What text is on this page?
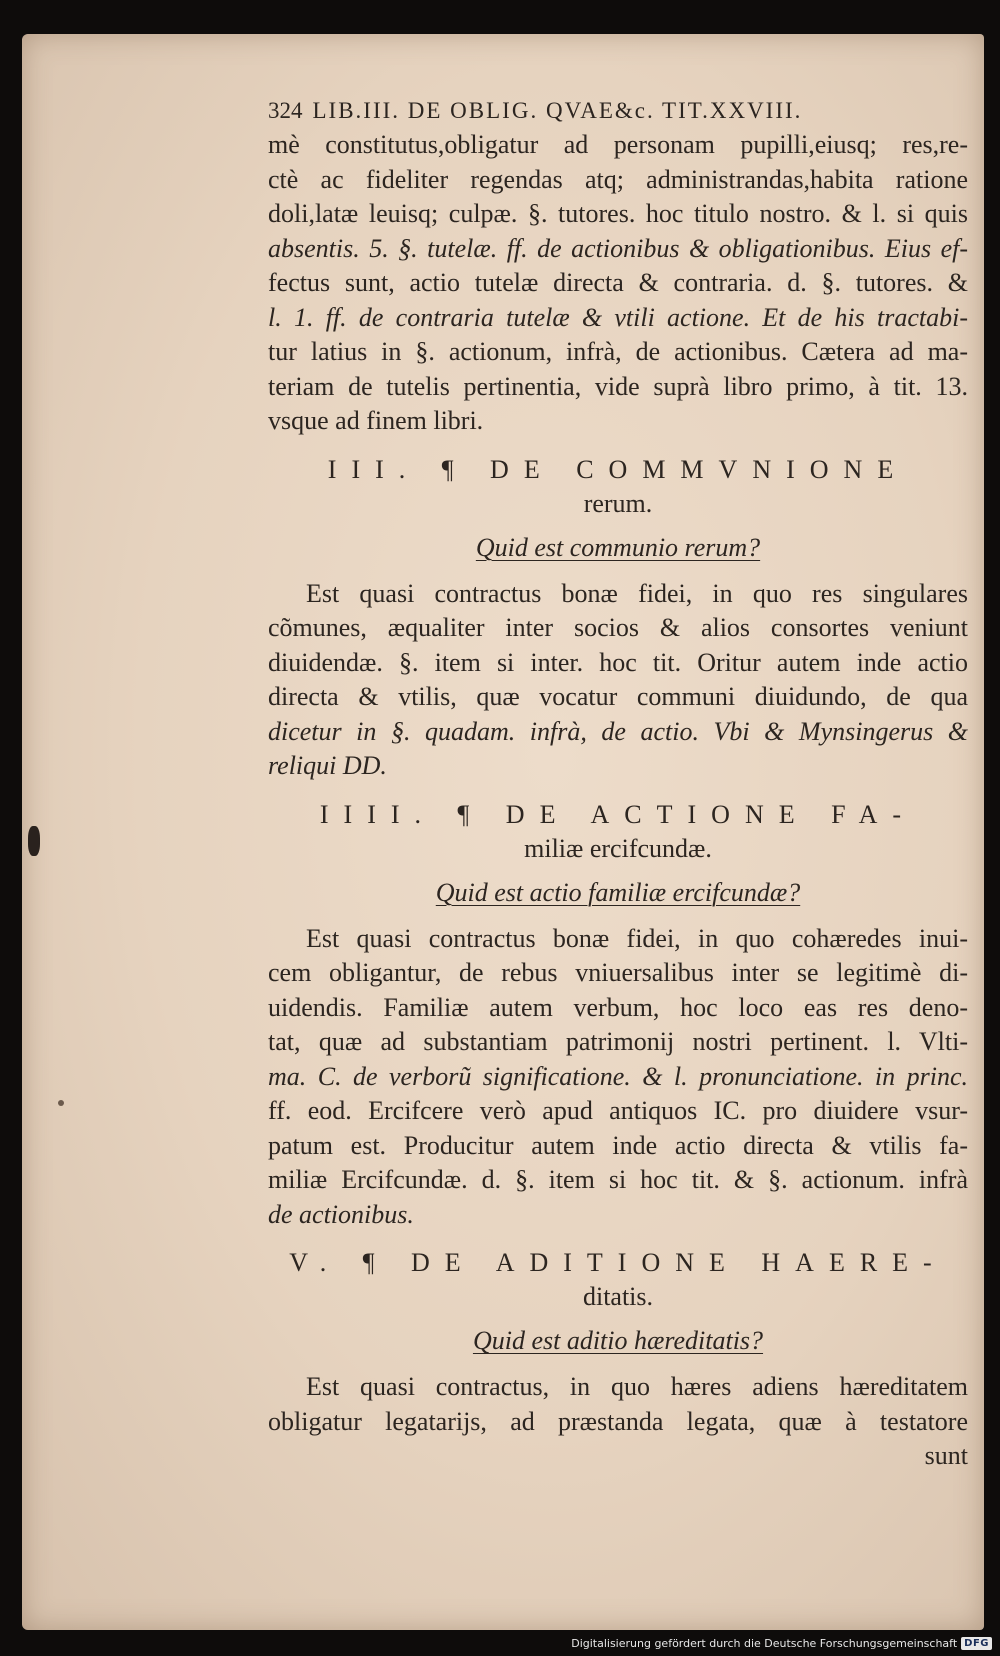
324 LIB.III. DE OBLIG. QVAE&c. TIT.XXVIII.

mè constitutus,obligatur ad personam pupilli,eiusq; res,re-
ctè ac fideliter regendas atq; administrandas,habita ratione
doli,latæ leuisq; culpæ. §. tutores. hoc titulo nostro. & l. si quis
absentis. 5. §. tutelæ. ff. de actionibus & obligationibus. Eius ef-
fectus sunt, actio tutelæ directa & contraria. d. §. tutores. &
l. 1. ff. de contraria tutelæ & vtili actione. Et de his tractabi-
tur latius in §. actionum, infrà, de actionibus. Cætera ad ma-
teriam de tutelis pertinentia, vide suprà libro primo, à tit. 13.
vsque ad finem libri.

III. ¶ DE COMMVNIONE
rerum.
Quid est communio rerum?

Est quasi contractus bonæ fidei, in quo res singulares
cõmunes, æqualiter inter socios & alios consortes veniunt
diuidendæ. §. item si inter. hoc tit. Oritur autem inde actio
directa & vtilis, quæ vocatur communi diuidundo, de qua
dicetur in §. quadam. infrà, de actio. Vbi & Mynsingerus &
reliqui DD.

IIII. ¶ DE ACTIONE FA-
miliæ ercifcundæ.
Quid est actio familiæ ercifcundæ?

Est quasi contractus bonæ fidei, in quo cohæredes inui-
cem obligantur, de rebus vniuersalibus inter se legitimè di-
uidendis. Familiæ autem verbum, hoc loco eas res deno-
tat, quæ ad substantiam patrimonij nostri pertinent. l. Vlti-
ma. C. de verborũ significatione. & l. pronunciatione. in princ.
ff. eod. Ercifcere verò apud antiquos IC. pro diuidere vsur-
patum est. Producitur autem inde actio directa & vtilis fa-
miliæ Ercifcundæ. d. §. item si hoc tit. & §. actionum. infrà
de actionibus.

V. ¶ DE ADITIONE HAERE-
ditatis.
Quid est aditio hæreditatis?

Est quasi contractus, in quo hæres adiens hæreditatem
obligatur legatarijs, ad præstanda legata, quæ à testatore
sunt

Digitalisierung gefördert durch die Deutsche Forschungsgemeinschaft DFG
